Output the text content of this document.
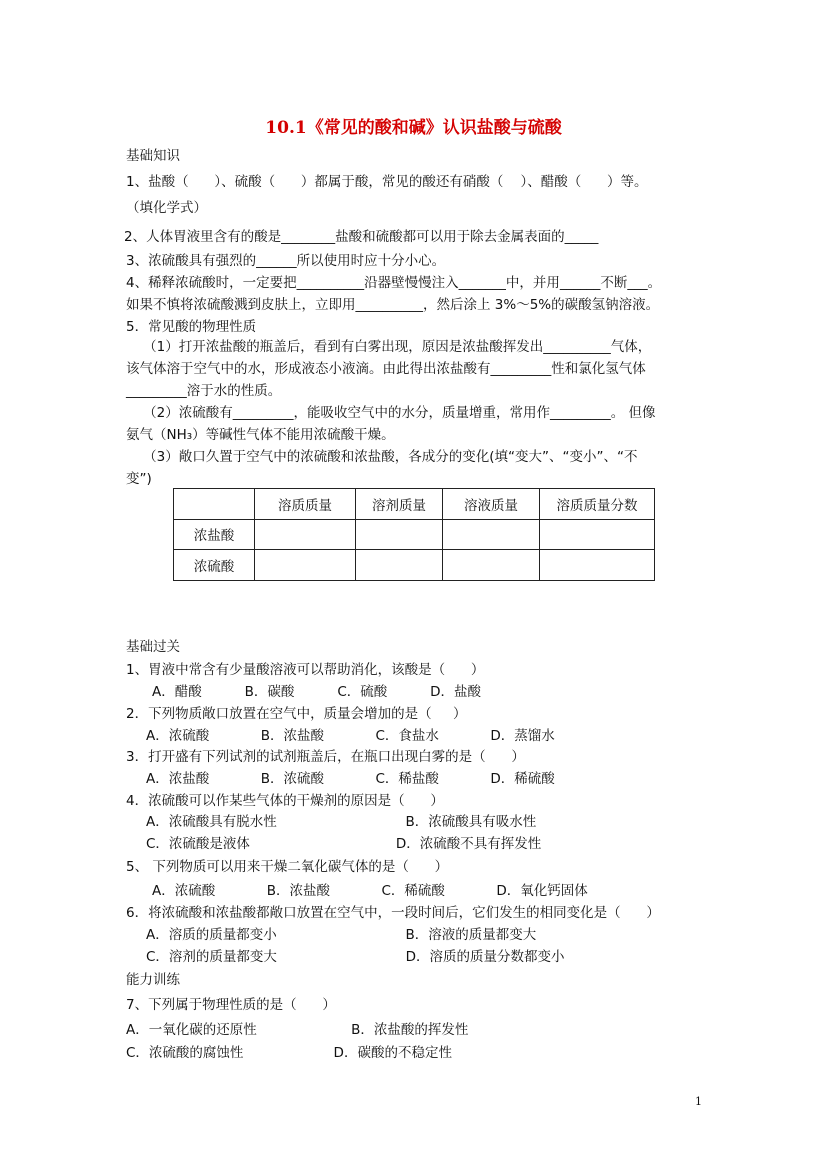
10.1《常见的酸和碱》认识盐酸与硫酸
基础知识
1、盐酸（      ）、硫酸（      ）都属于酸，常见的酸还有硝酸（    ）、醋酸（      ）等。
（填化学式）
2、人体胃液里含有的酸是________盐酸和硫酸都可以用于除去金属表面的_____
3、浓硫酸具有强烈的______所以使用时应十分小心。
4、稀释浓硫酸时，一定要把__________沿器壁慢慢注入_______中，并用______不断___。
如果不慎将浓硫酸溅到皮肤上，立即用__________，然后涂上 3%～5%的碳酸氢钠溶液。
5．常见酸的物理性质
（1）打开浓盐酸的瓶盖后，看到有白雾出现，原因是浓盐酸挥发出__________气体，
该气体溶于空气中的水，形成液态小液滴。由此得出浓盐酸有_________性和氯化氢气体
_________溶于水的性质。
（2）浓硫酸有_________，能吸收空气中的水分，质量增重，常用作_________。 但像
氨气（NH₃）等碱性气体不能用浓硫酸干燥。
（3）敞口久置于空气中的浓硫酸和浓盐酸，各成分的变化(填“变大”、“变小”、“不
变”)
	溶质质量	溶剂质量	溶液质量	溶质质量分数
浓盐酸				
浓硫酸				
基础过关
1、胃液中常含有少量酸溶液可以帮助消化，该酸是（      ）
A．醋酸          B．碳酸          C．硫酸          D．盐酸
2．下列物质敞口放置在空气中，质量会增加的是（     ）
A．浓硫酸            B．浓盐酸            C．食盐水            D．蒸馏水
3．打开盛有下列试剂的试剂瓶盖后，在瓶口出现白雾的是（      ）
A．浓盐酸            B．浓硫酸            C．稀盐酸            D．稀硫酸
4．浓硫酸可以作某些气体的干燥剂的原因是（      ）
A．浓硫酸具有脱水性                              B．浓硫酸具有吸水性
C．浓硫酸是液体                                  D．浓硫酸不具有挥发性
5、 下列物质可以用来干燥二氧化碳气体的是（      ）
A．浓硫酸            B．浓盐酸            C．稀硫酸            D．氧化钙固体
6．将浓硫酸和浓盐酸都敞口放置在空气中，一段时间后，它们发生的相同变化是（      ）
A．溶质的质量都变小                              B．溶液的质量都变大
C．溶剂的质量都变大                              D．溶质的质量分数都变小
能力训练
7、下列属于物理性质的是（      ）
A．一氧化碳的还原性                      B．浓盐酸的挥发性
C．浓硫酸的腐蚀性                     D．碳酸的不稳定性
1
